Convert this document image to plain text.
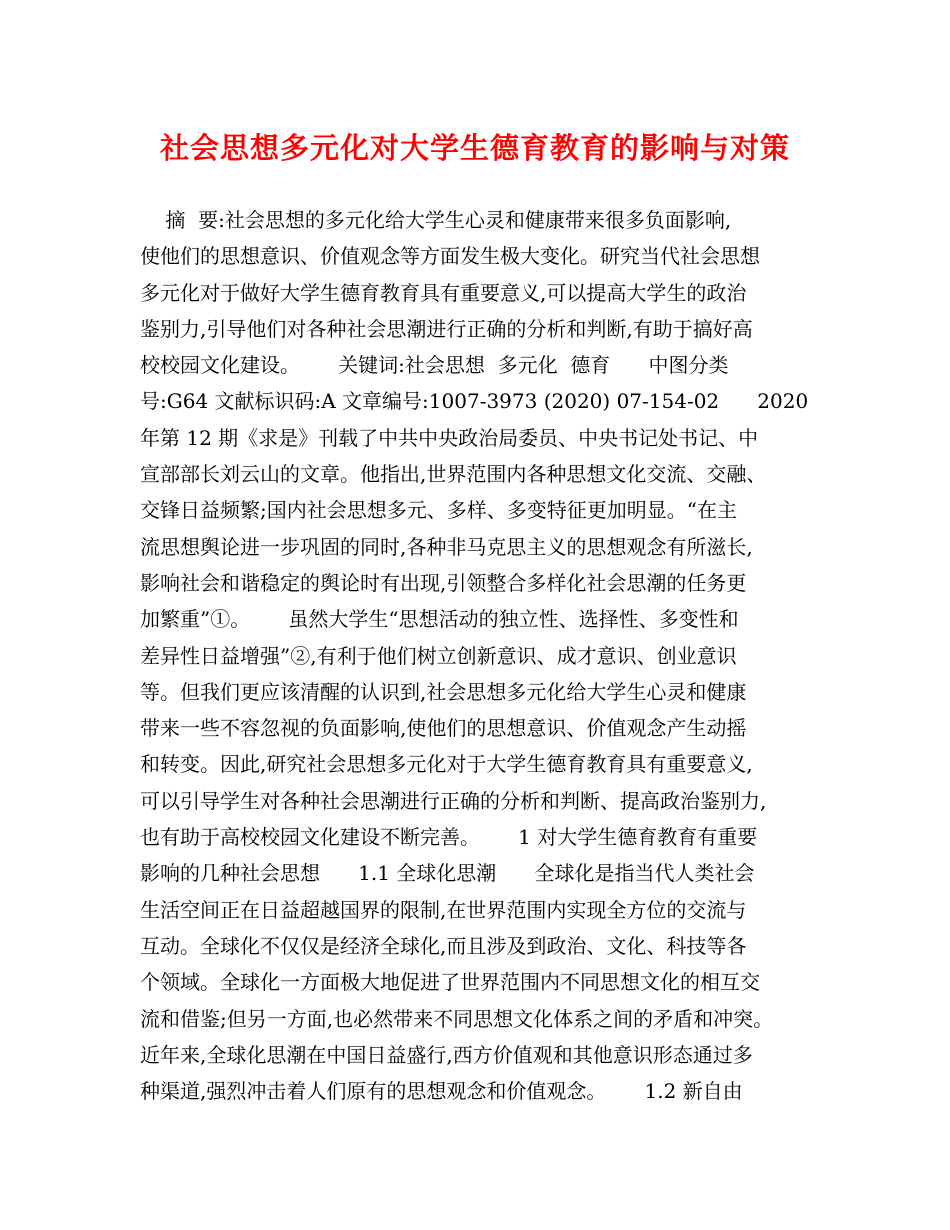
社会思想多元化对大学生德育教育的影响与对策
摘  要:社会思想的多元化给大学生心灵和健康带来很多负面影响,
使他们的思想意识、价值观念等方面发生极大变化。研究当代社会思想
多元化对于做好大学生德育教育具有重要意义,可以提高大学生的政治
鉴别力,引导他们对各种社会思潮进行正确的分析和判断,有助于搞好高
校校园文化建设。      关键词:社会思想  多元化  德育      中图分类
号:G64 文献标识码:A 文章编号:1007-3973 (2020) 07-154-02      2020
年第 12 期《求是》刊载了中共中央政治局委员、中央书记处书记、中
宣部部长刘云山的文章。他指出,世界范围内各种思想文化交流、交融、
交锋日益频繁;国内社会思想多元、多样、多变特征更加明显。“在主
流思想舆论进一步巩固的同时,各种非马克思主义的思想观念有所滋长,
影响社会和谐稳定的舆论时有出现,引领整合多样化社会思潮的任务更
加繁重”①。      虽然大学生“思想活动的独立性、选择性、多变性和
差异性日益增强”②,有利于他们树立创新意识、成才意识、创业意识
等。但我们更应该清醒的认识到,社会思想多元化给大学生心灵和健康
带来一些不容忽视的负面影响,使他们的思想意识、价值观念产生动摇
和转变。因此,研究社会思想多元化对于大学生德育教育具有重要意义,
可以引导学生对各种社会思潮进行正确的分析和判断、提高政治鉴别力,
也有助于高校校园文化建设不断完善。      1 对大学生德育教育有重要
影响的几种社会思想      1.1 全球化思潮      全球化是指当代人类社会
生活空间正在日益超越国界的限制,在世界范围内实现全方位的交流与
互动。全球化不仅仅是经济全球化,而且涉及到政治、文化、科技等各
个领域。全球化一方面极大地促进了世界范围内不同思想文化的相互交
流和借鉴;但另一方面,也必然带来不同思想文化体系之间的矛盾和冲突。
近年来,全球化思潮在中国日益盛行,西方价值观和其他意识形态通过多
种渠道,强烈冲击着人们原有的思想观念和价值观念。      1.2 新自由
